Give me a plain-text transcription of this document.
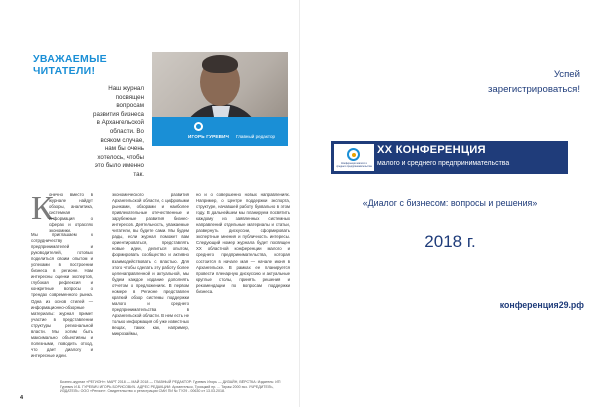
УВАЖАЕМЫЕ ЧИТАТЕЛИ!
Наш журнал посвящен вопросам развития бизнеса в Архангельской области. Во всяком случае, нам бы очень хотелось, чтобы это было именно так.
ИГОРЬ ГУРЕВИЧ Главный редактор
К
онечно вместо в журнале найдут обзоры, аналитика, системная информация о сферах и отраслях экономики.
Мы приглашаем к сотрудничеству предпринимателей и руководителей, готовых поделиться своим опытом и успехами в построении бизнеса в регионе. Нам интересны оценки экспертов, глубокая рефлексия и конкретные вопросы о трендах современного рынка. Одна из основ стилей — информационно-обзорные материалы: журнал примет участие в представлении структуры региональной власти. Мы хотим быть максимально объективны и полезными, поводить отход, что дает диалогу и интересные идеи.
экономического развития Архангельской области, с цифровыми рынками, обзорами и наиболее привлекательные отечественные и зарубежные развития бизнес-интересов. Деятельность, уважаемые читатели, вы будете сами. Мы будем рады, если журнал поможет вам ориентироваться, представлять новые идеи, делиться опытом, формировать сообщество и активно взаимодействовать с властью. Для этого чтобы сделать эту работу более целенаправленной и актуальной, мы будем каждое издание дополнять отчетом о предложениях. В первом номере в Регионе представлен краткий обзор системы поддержки малого и среднего предпринимательства в Архангельской области. В нем есть не только информация об уже известных вещах, таких как, например, микрозаймы,
но и о совершенно новых направлениях. Например, о Центре поддержки экспорта, структуре, начавшей работу буквально в этом году. В дальнейшем мы планируем посвятить каждому из заявленных системных направлений отдельные материалы и статьи, развернуть дискуссии, сформировать экспертные мнения и публичность интересы. Следующий номер журнала будет посвящен XX областной конференции малого и среднего предпринимательства, которая состоится в начале мая — начале июня в Архангельске. В рамках ее планируется провести пленарную дискуссию и актуальные круглые столы, принять решения и рекомендации по вопросам поддержки бизнеса.
Бизнес-журнал «РЕГИОН»: МАРТ 2018 — МАЙ 2018 — ГЛАВНЫЙ РЕДАКТОР: Гуревич Игорь — ДИЗАЙН, ВЁРСТКА: Издатель: ИП Гуревич И.Б. ГУРЕВИЧ ИГОРЬ БОРИСОВИЧ. АДРЕС РЕДАКЦИИ: Архангельск, Троицкий пр. ... Тираж 2000 экз. УЧРЕДИТЕЛЬ, ИЗДАТЕЛЬ: ООО «Регион». Свидетельство о регистрации СМИ ПИ № ТУ29 - 00630 от 13.03.2018.
4
Успей
зарегистрироваться!
Конференция малого и среднего предпринимательства
XX КОНФЕРЕНЦИЯ
малого и среднего предпринимательства
«Диалог с бизнесом: вопросы и решения»
2018 г.
конференция29.рф
